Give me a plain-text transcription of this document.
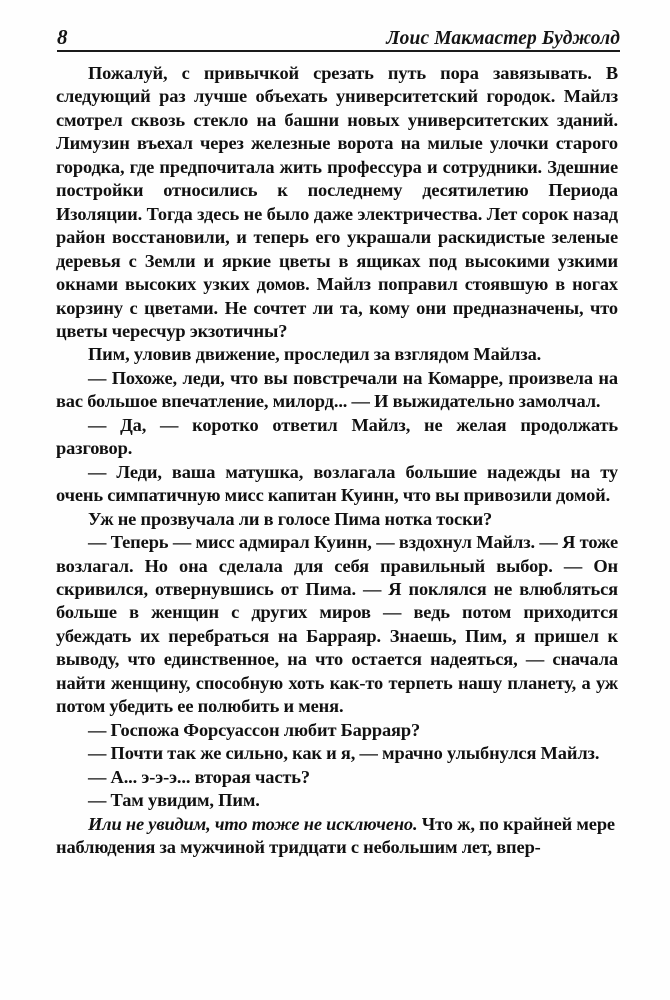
8	Лоис Макмастер Буджолд

Пожалуй, с привычкой срезать путь пора завязывать. В следующий раз лучше объехать университетский городок. Майлз смотрел сквозь стекло на башни новых университетских зданий. Лимузин въехал через железные ворота на милые улочки старого городка, где предпочитала жить профессура и сотрудники. Здешние постройки относились к последнему десятилетию Периода Изоляции. Тогда здесь не было даже электричества. Лет сорок назад район восстановили, и теперь его украшали раскидистые зеленые деревья с Земли и яркие цветы в ящиках под высокими узкими окнами высоких узких домов. Майлз поправил стоявшую в ногах корзину с цветами. Не сочтет ли та, кому они предназначены, что цветы чересчур экзотичны?

Пим, уловив движение, проследил за взглядом Майлза.

— Похоже, леди, что вы повстречали на Комарре, произвела на вас большое впечатление, милорд... — И выжидательно замолчал.

— Да, — коротко ответил Майлз, не желая продолжать разговор.

— Леди, ваша матушка, возлагала большие надежды на ту очень симпатичную мисс капитан Куинн, что вы привозили домой.

Уж не прозвучала ли в голосе Пима нотка тоски?

— Теперь — мисс адмирал Куинн, — вздохнул Майлз. — Я тоже возлагал. Но она сделала для себя правильный выбор. — Он скривился, отвернувшись от Пима. — Я поклялся не влюбляться больше в женщин с других миров — ведь потом приходится убеждать их перебраться на Барраяр. Знаешь, Пим, я пришел к выводу, что единственное, на что остается надеяться, — сначала найти женщину, способную хоть как-то терпеть нашу планету, а уж потом убедить ее полюбить и меня.

— Госпожа Форсуассон любит Барраяр?

— Почти так же сильно, как и я, — мрачно улыбнулся Майлз.

— А... э-э-э... вторая часть?

— Там увидим, Пим.

Или не увидим, что тоже не исключено. Что ж, по крайней мере наблюдения за мужчиной тридцати с небольшим лет, впер-
